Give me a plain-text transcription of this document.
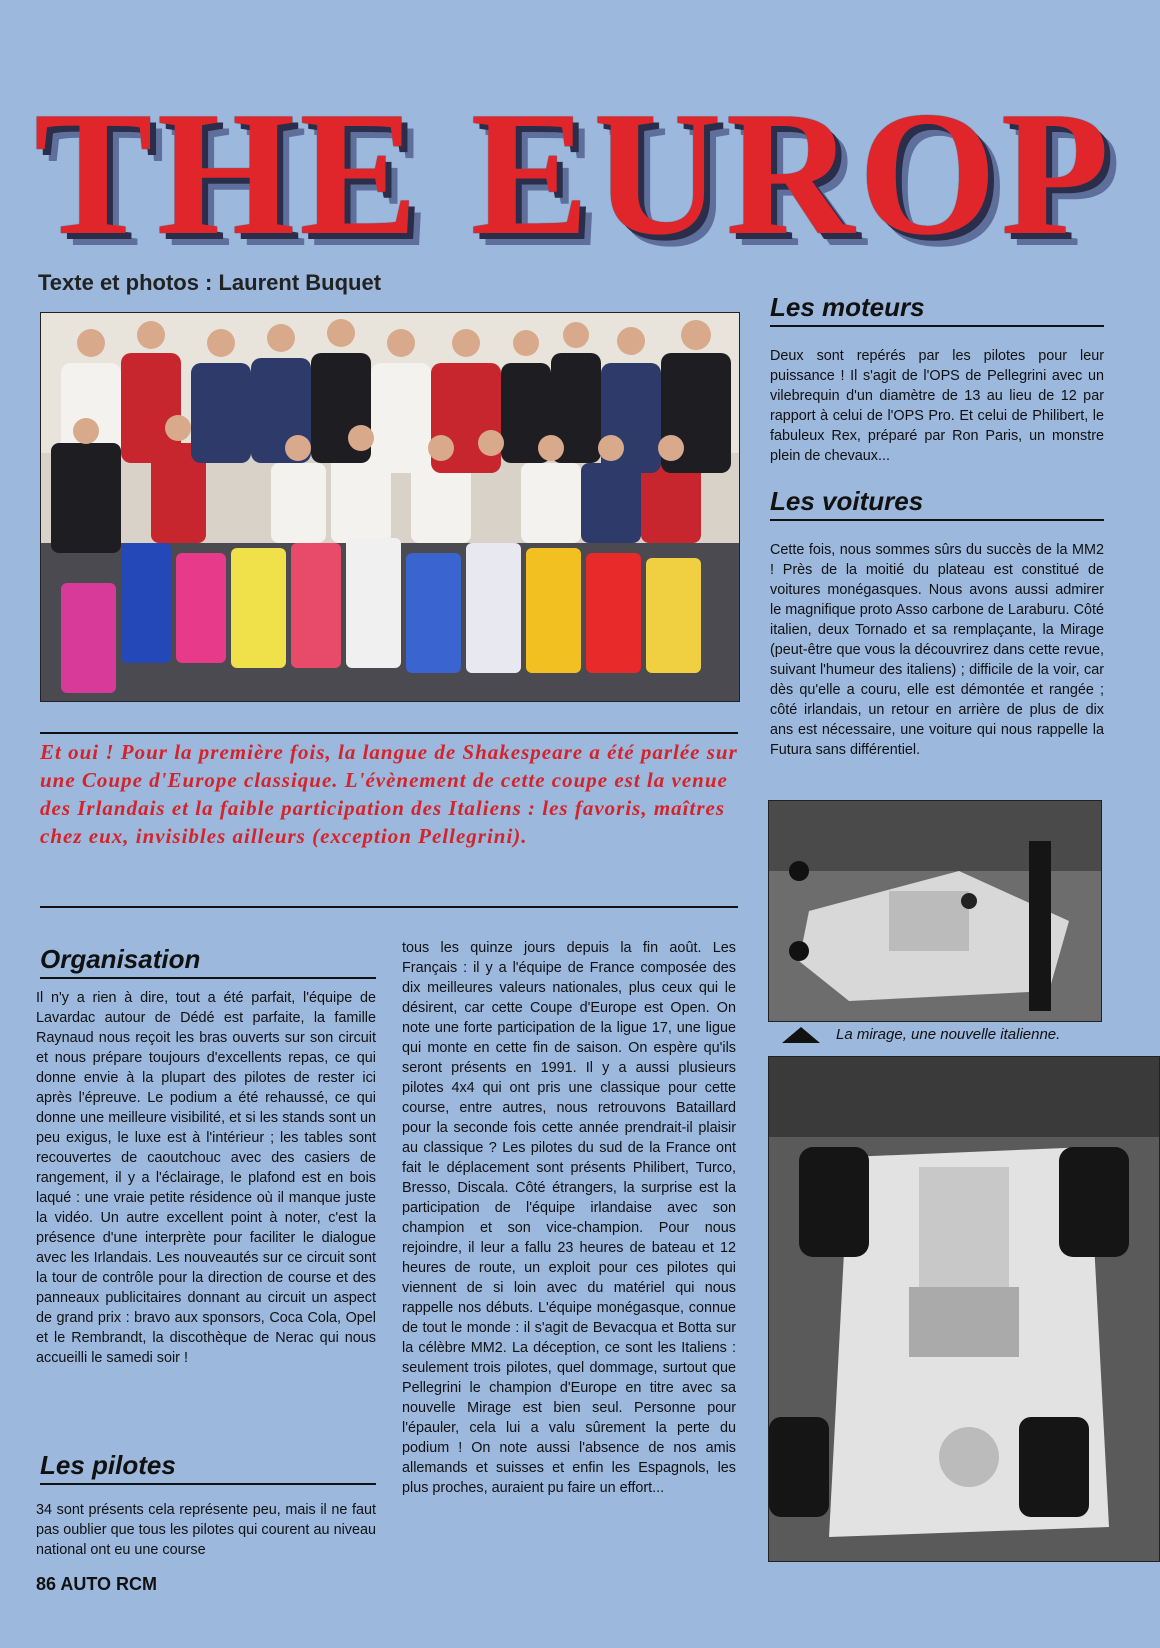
THE EUROP
Texte et photos : Laurent Buquet
Et oui ! Pour la première fois, la langue de Shakespeare a été parlée sur une Coupe d'Europe classique. L'évènement de cette coupe est la venue des Irlandais et la faible participation des Italiens : les favoris, maîtres chez eux, invisibles ailleurs (exception Pellegrini).
Les moteurs
Deux sont repérés par les pilotes pour leur puissance ! Il s'agit de l'OPS de Pellegrini avec un vilebrequin d'un diamètre de 13 au lieu de 12 par rapport à celui de l'OPS Pro. Et celui de Philibert, le fabuleux Rex, préparé par Ron Paris, un monstre plein de chevaux...
Les voitures
Cette fois, nous sommes sûrs du succès de la MM2 ! Près de la moitié du plateau est constitué de voitures monégasques. Nous avons aussi admirer le magnifique proto Asso carbone de Laraburu. Côté italien, deux Tornado et sa remplaçante, la Mirage (peut-être que vous la découvrirez dans cette revue, suivant l'humeur des italiens) ; difficile de la voir, car dès qu'elle a couru, elle est démontée et rangée ; côté irlandais, un retour en arrière de plus de dix ans est nécessaire, une voiture qui nous rappelle la Futura sans différentiel.
La mirage, une nouvelle italienne.
Organisation
Il n'y a rien à dire, tout a été parfait, l'équipe de Lavardac autour de Dédé est parfaite, la famille Raynaud nous reçoit les bras ouverts sur son circuit et nous prépare toujours d'excellents repas, ce qui donne envie à la plupart des pilotes de rester ici après l'épreuve. Le podium a été rehaussé, ce qui donne une meilleure visibilité, et si les stands sont un peu exigus, le luxe est à l'intérieur ; les tables sont recouvertes de caoutchouc avec des casiers de rangement, il y a l'éclairage, le plafond est en bois laqué : une vraie petite résidence où il manque juste la vidéo. Un autre excellent point à noter, c'est la présence d'une interprète pour faciliter le dialogue avec les Irlandais. Les nouveautés sur ce circuit sont la tour de contrôle pour la direction de course et des panneaux publicitaires donnant au circuit un aspect de grand prix : bravo aux sponsors, Coca Cola, Opel et le Rembrandt, la discothèque de Nerac qui nous accueilli le samedi soir !
Les pilotes
34 sont présents cela représente peu, mais il ne faut pas oublier que tous les pilotes qui courent au niveau national ont eu une course
tous les quinze jours depuis la fin août. Les Français : il y a l'équipe de France composée des dix meilleures valeurs nationales, plus ceux qui le désirent, car cette Coupe d'Europe est Open. On note une forte participation de la ligue 17, une ligue qui monte en cette fin de saison. On espère qu'ils seront présents en 1991. Il y a aussi plusieurs pilotes 4x4 qui ont pris une classique pour cette course, entre autres, nous retrouvons Bataillard pour la seconde fois cette année prendrait-il plaisir au classique ? Les pilotes du sud de la France ont fait le déplacement sont présents Philibert, Turco, Bresso, Discala. Côté étrangers, la surprise est la participation de l'équipe irlandaise avec son champion et son vice-champion. Pour nous rejoindre, il leur a fallu 23 heures de bateau et 12 heures de route, un exploit pour ces pilotes qui viennent de si loin avec du matériel qui nous rappelle nos débuts. L'équipe monégasque, connue de tout le monde : il s'agit de Bevacqua et Botta sur la célèbre MM2. La déception, ce sont les Italiens : seulement trois pilotes, quel dommage, surtout que Pellegrini le champion d'Europe en titre avec sa nouvelle Mirage est bien seul. Personne pour l'épauler, cela lui a valu sûrement la perte du podium ! On note aussi l'absence de nos amis allemands et suisses et enfin les Espagnols, les plus proches, auraient pu faire un effort...
86 AUTO RCM
